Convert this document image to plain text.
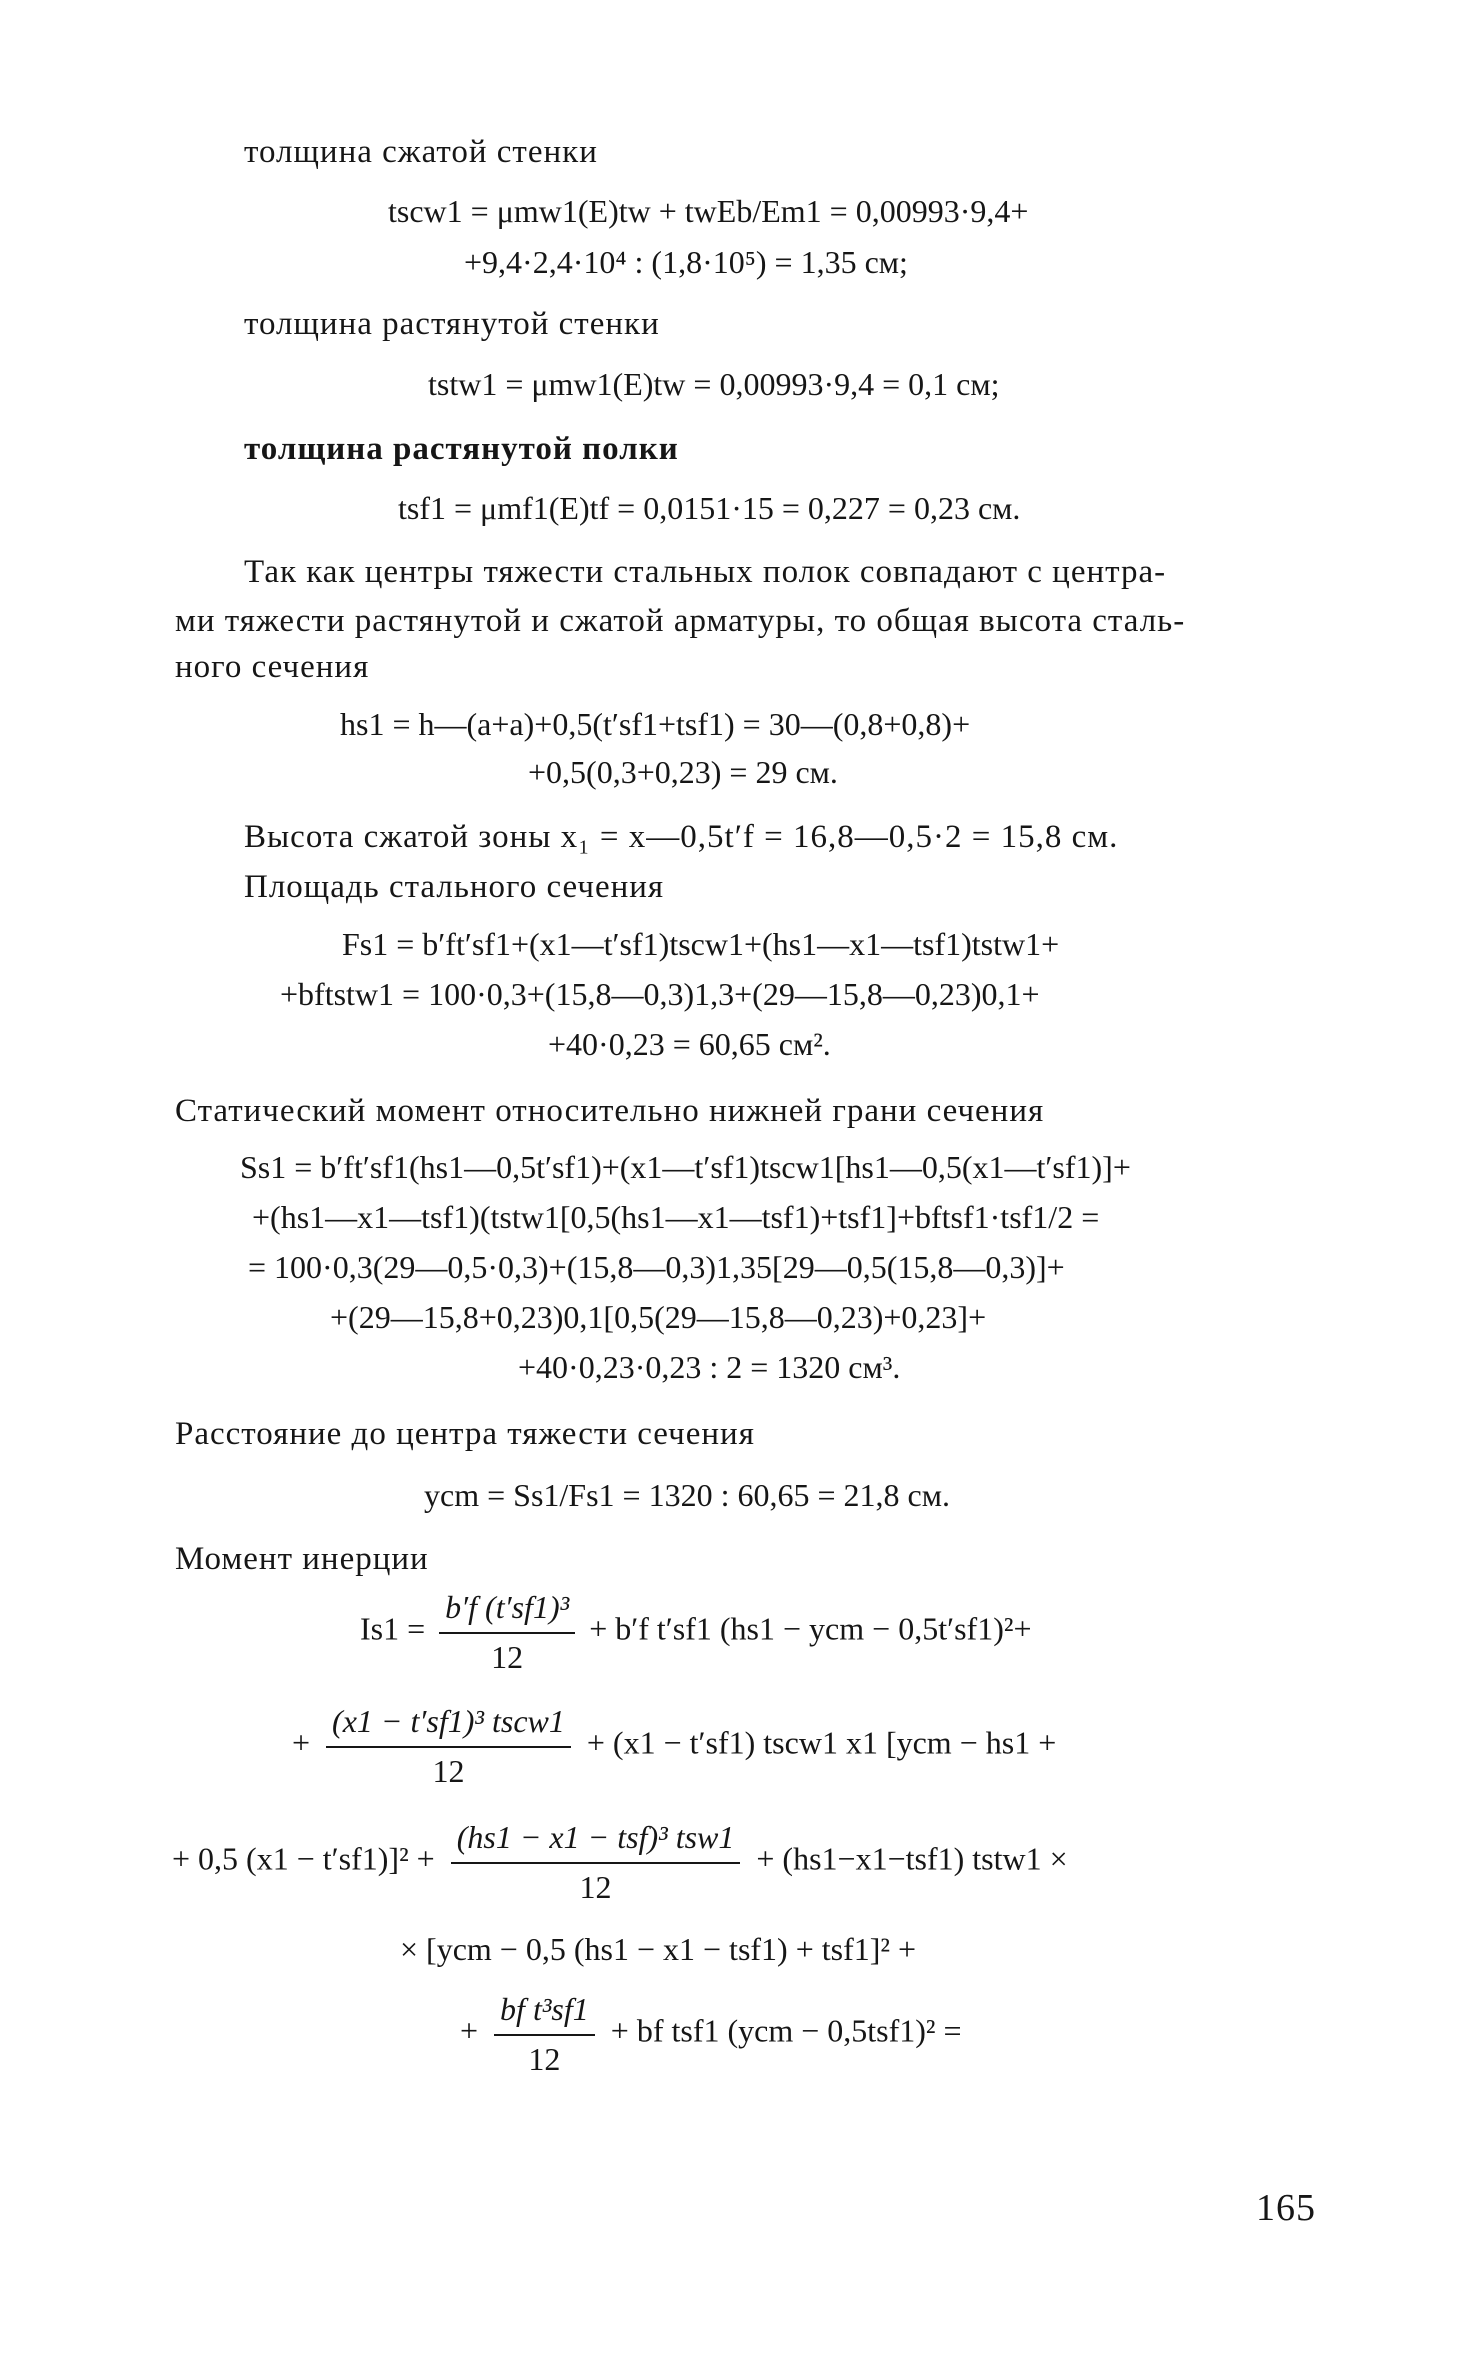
толщина сжатой стенки
tscw1 = μmw1(E)tw + twEb/Em1 = 0,00993·9,4+
+9,4·2,4·10⁴ : (1,8·10⁵) = 1,35 см;
толщина растянутой стенки
tstw1 = μmw1(E)tw = 0,00993·9,4 = 0,1 см;
толщина растянутой полки
tsf1 = μmf1(E)tf = 0,0151·15 = 0,227 = 0,23 см.
Так как центры тяжести стальных полок совпадают с центра-
ми тяжести растянутой и сжатой арматуры, то общая высота сталь-
ного сечения
hs1 = h—(a+a)+0,5(t′sf1+tsf1) = 30—(0,8+0,8)+
+0,5(0,3+0,23) = 29 см.
Высота сжатой зоны x₁ = x—0,5t′f = 16,8—0,5·2 = 15,8 см.
Площадь стального сечения
Fs1 = b′ft′sf1+(x1—t′sf1)tscw1+(hs1—x1—tsf1)tstw1+
+bftstw1 = 100·0,3+(15,8—0,3)1,3+(29—15,8—0,23)0,1+
+40·0,23 = 60,65 см².
Статический момент относительно нижней грани сечения
Ss1 = b′ft′sf1(hs1—0,5t′sf1)+(x1—t′sf1)tscw1[hs1—0,5(x1—t′sf1)]+
+(hs1—x1—tsf1)(tstw1[0,5(hs1—x1—tsf1)+tsf1]+bftsf1·tsf1/2 =
= 100·0,3(29—0,5·0,3)+(15,8—0,3)1,35[29—0,5(15,8—0,3)]+
+(29—15,8+0,23)0,1[0,5(29—15,8—0,23)+0,23]+
+40·0,23·0,23 : 2 = 1320 см³.
Расстояние до центра тяжести сечения
ycm = Ss1/Fs1 = 1320 : 60,65 = 21,8 см.
Момент инерции
$Is1 = \frac{\text{b′f (t′sf1)³}}{12} + b'f$ t′sf1 (hs1 − ycm − 0,5t′sf1)²+
+ $\frac{\text{(x1 − t′sf1)³ tscw1}}{12} + (x1 - t'sf1)$ tscw1 x1 [ycm − hs1 +
+ 0,5 $(x1 - t'sf1)]^2 + \frac{\text{(hs1 − x1 − tsf)³ tsw1}}{12} + (hs1-x1-tsf1)$ tstw1 ×
× [ycm − 0,5 (hs1 − x1 − tsf1) + tsf1]² +
+ $\frac{\text{bf t³sf1}}{12}$ + bf tsf1 (ycm − 0,5tsf1)² =
165
